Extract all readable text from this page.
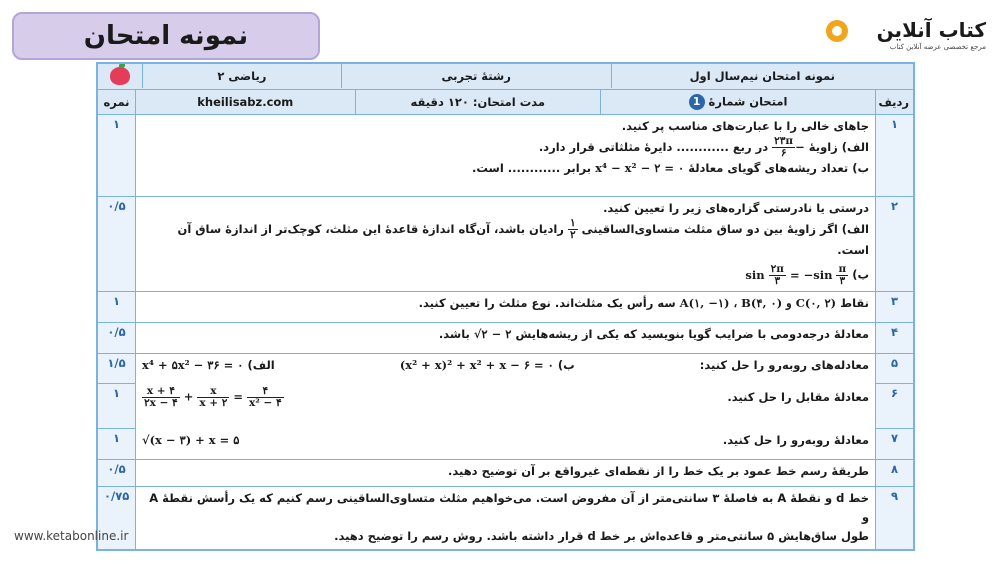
نمونه امتحان	کتاب آنلاین
مرجع تخصصی عرضه آنلاین کتاب
نمونه امتحان نیم‌سال اول	رشتهٔ تجربی	ریاضی ۲	

ردیف	
امتحان شمارهٔ 1	مدت امتحان: ۱۲۰ دقیقه	kheilisabz.com
	نمره
۱	

جاهای خالی را با عبارت‌های مناسب پر کنید.

الف) زاویهٔ −
$\frac{۲۳\pi}{۶}$
در ربع ............ دایرهٔ مثلثاتی قرار دارد.

ب) تعداد ریشه‌های گویای معادلهٔ x⁴ − x² − ۲ = ۰ برابر ............ است.

	۱
۲	

درستی یا نادرستی گزاره‌های زیر را تعیین کنید.

الف) اگر زاویهٔ بین دو ساق مثلث متساوی‌الساقینی
$\frac{۱}{۲}$
رادیان باشد، آن‌گاه اندازهٔ قاعدهٔ این مثلث، کوچک‌تر از اندازهٔ ساق آن است.

ب) $\sin \frac{۲\pi}{۳} = -\sin \frac{\pi}{۳}$

	۰/۵
۳	نقاط A(۱, −۱) ، B(۴, ۰) و C(۰, ۲) سه رأس یک مثلث‌اند. نوع مثلث را تعیین کنید.	۱
۴	معادلهٔ درجه‌دومی با ضرایب گویا بنویسید که یکی از ریشه‌هایش √۲ − ۲ باشد.	۰/۵
۵	
معادله‌های روبه‌رو را حل کنید:
ب) (x² + x)² + x² + x − ۶ = ۰
الف) x⁴ + ۵x² − ۳۶ = ۰
۱/۵
۶	
معادلهٔ مقابل را حل کنید.
$\frac{x + ۴}{۲x - ۴} + \frac{x}{x + ۲} = \frac{۴}{\text{x² − ۴}}$
۱
۷	
معادلهٔ روبه‌رو را حل کنید.
√(x − ۳) + x = ۵
۱
۸	طریقهٔ رسم خط عمود بر یک خط را از نقطه‌ای غیرواقع بر آن توضیح دهید.	۰/۵
۹	

خط d و نقطهٔ A به فاصلهٔ ۳ سانتی‌متر از آن مفروض است. می‌خواهیم مثلث متساوی‌الساقینی رسم کنیم که یک رأسش نقطهٔ A و

طول ساق‌هایش ۵ سانتی‌متر و قاعده‌اش بر خط d قرار داشته باشد. روش رسم را توضیح دهید.

	۰/۷۵
www.ketabonline.ir
